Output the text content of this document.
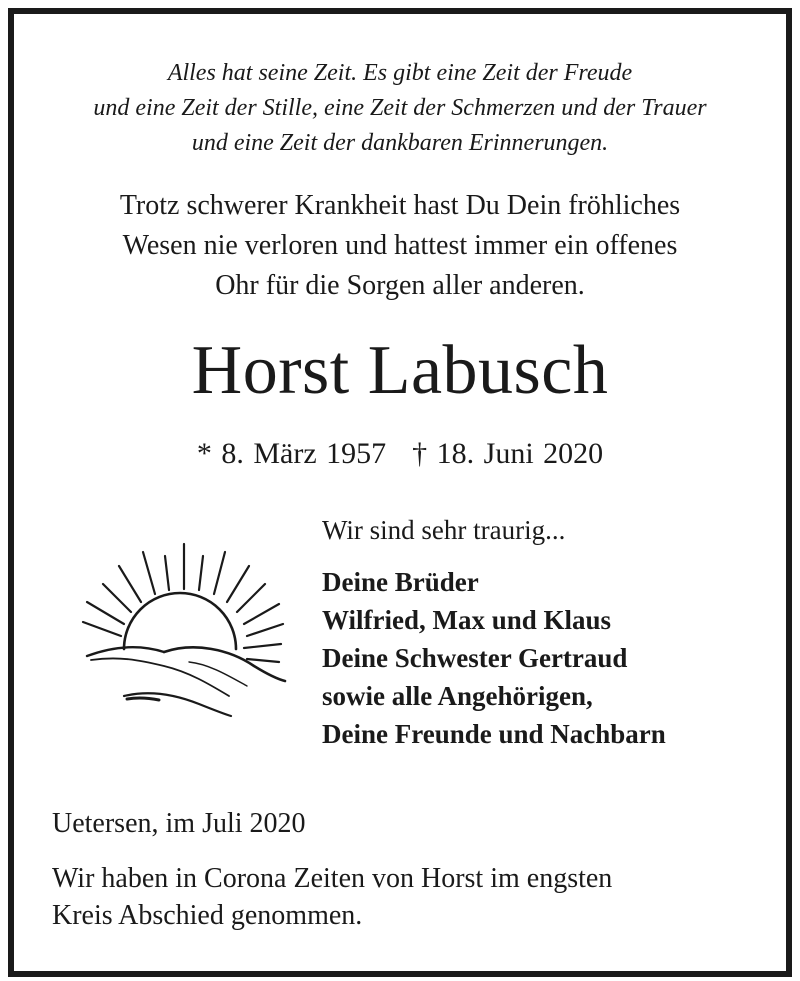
Alles hat seine Zeit. Es gibt eine Zeit der Freude
und eine Zeit der Stille, eine Zeit der Schmerzen und der Trauer
und eine Zeit der dankbaren Erinnerungen.
Trotz schwerer Krankheit hast Du Dein fröhliches
Wesen nie verloren und hattest immer ein offenes
Ohr für die Sorgen aller anderen.
Horst Labusch
* 8. März 1957 † 18. Juni 2020
Wir sind sehr traurig...
Deine Brüder
Wilfried, Max und Klaus
Deine Schwester Gertraud
sowie alle Angehörigen,
Deine Freunde und Nachbarn
Uetersen, im Juli 2020
Wir haben in Corona Zeiten von Horst im engsten
Kreis Abschied genommen.
